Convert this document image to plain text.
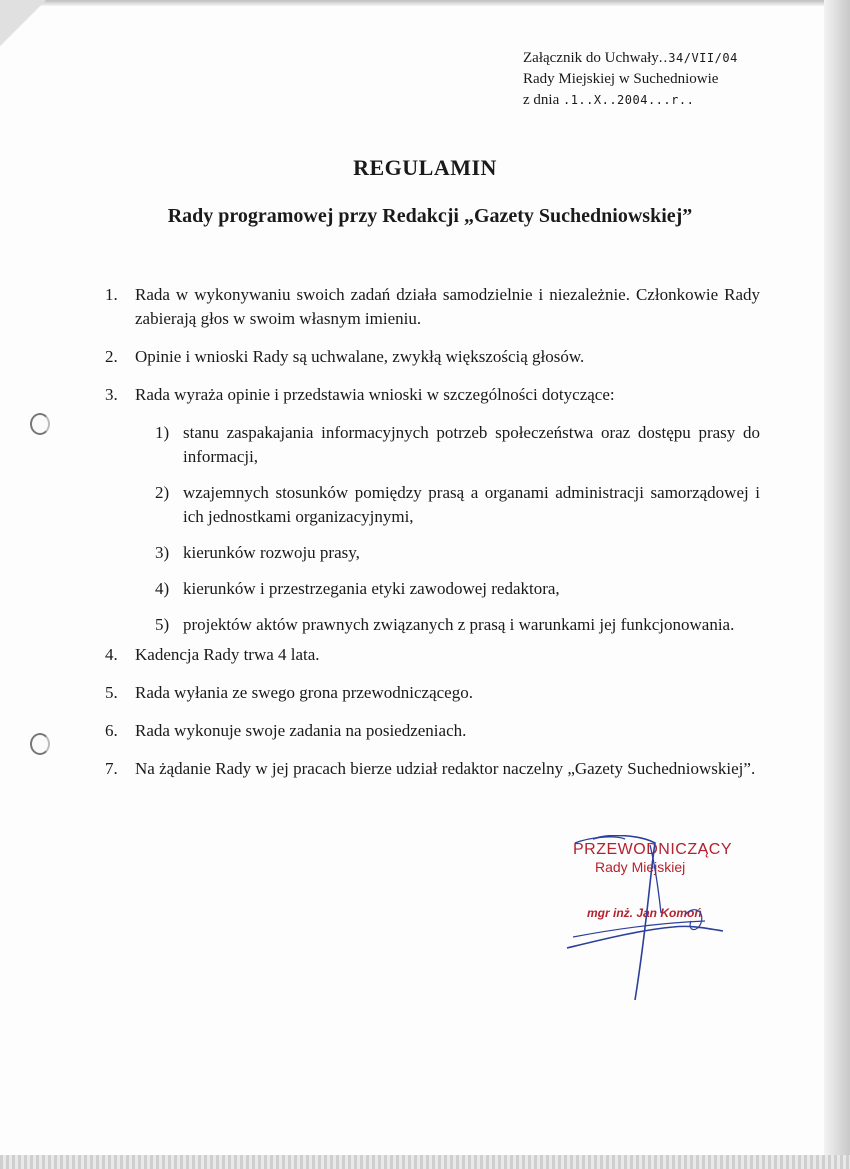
Załącznik do Uchwały..34/VII/04
Rady Miejskiej w Suchedniowie
z dnia .1..X..2004...r..
REGULAMIN
Rady programowej przy Redakcji „Gazety Suchedniowskiej”
1.	Rada w wykonywaniu swoich zadań działa samodzielnie i niezależnie. Członkowie Rady zabierają głos w swoim własnym imieniu.
2.	Opinie i wnioski Rady są uchwalane, zwykłą większością głosów.
3.	Rada wyraża opinie i przedstawia wnioski w szczególności dotyczące:
1) stanu zaspakajania informacyjnych potrzeb społeczeństwa oraz dostępu prasy do informacji,
2) wzajemnych stosunków pomiędzy prasą a organami administracji samorządowej i ich jednostkami organizacyjnymi,
3) kierunków rozwoju prasy,
4) kierunków i przestrzegania etyki zawodowej redaktora,
5) projektów aktów prawnych związanych z prasą i warunkami jej funkcjonowania.
4.	Kadencja Rady trwa 4 lata.
5.	Rada wyłania ze swego grona przewodniczącego.
6.	Rada wykonuje swoje zadania na posiedzeniach.
7.	Na żądanie Rady w jej pracach bierze udział redaktor naczelny „Gazety Suchedniowskiej”.
PRZEWODNICZĄCY
Rady Miejskiej
mgr inż. Jan Komoń
